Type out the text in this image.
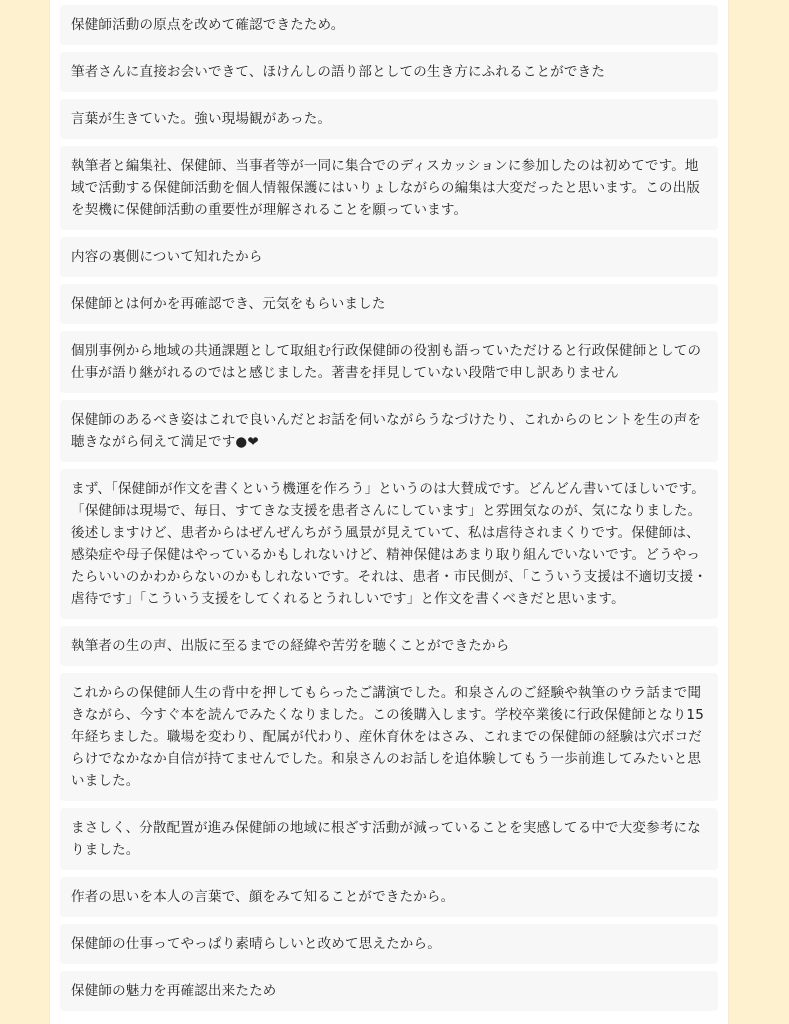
保健師活動の原点を改めて確認できたため。
筆者さんに直接お会いできて、ほけんしの語り部としての生き方にふれることができた
言葉が生きていた。強い現場観があった。
執筆者と編集社、保健師、当事者等が一同に集合でのディスカッションに参加したのは初めてです。地域で活動する保健師活動を個人情報保護にはいりょしながらの編集は大変だったと思います。この出版を契機に保健師活動の重要性が理解されることを願っています。
内容の裏側について知れたから
保健師とは何かを再確認でき、元気をもらいました
個別事例から地域の共通課題として取組む行政保健師の役割も語っていただけると行政保健師としての仕事が語り継がれるのではと感じました。著書を拝見していない段階で申し訳ありません
保健師のあるべき姿はこれで良いんだとお話を伺いながらうなづけたり、これからのヒントを生の声を聴きながら伺えて満足です●❤
まず、「保健師が作文を書くという機運を作ろう」というのは大賛成です。どんどん書いてほしいです。「保健師は現場で、毎日、すてきな支援を患者さんにしています」と雰囲気なのが、気になりました。後述しますけど、患者からはぜんぜんちがう風景が見えていて、私は虐待されまくりです。保健師は、感染症や母子保健はやっているかもしれないけど、精神保健はあまり取り組んでいないです。どうやったらいいのかわからないのかもしれないです。それは、患者・市民側が、「こういう支援は不適切支援・虐待です」「こういう支援をしてくれるとうれしいです」と作文を書くべきだと思います。
執筆者の生の声、出版に至るまでの経緯や苦労を聴くことができたから
これからの保健師人生の背中を押してもらったご講演でした。和泉さんのご経験や執筆のウラ話まで聞きながら、今すぐ本を読んでみたくなりました。この後購入します。学校卒業後に行政保健師となり15年経ちました。職場を変わり、配属が代わり、産休育休をはさみ、これまでの保健師の経験は穴ボコだらけでなかなか自信が持てませんでした。和泉さんのお話しを追体験してもう一歩前進してみたいと思いました。
まさしく、分散配置が進み保健師の地域に根ざす活動が減っていることを実感してる中で大変参考になりました。
作者の思いを本人の言葉で、顔をみて知ることができたから。
保健師の仕事ってやっぱり素晴らしいと改めて思えたから。
保健師の魅力を再確認出来たため
